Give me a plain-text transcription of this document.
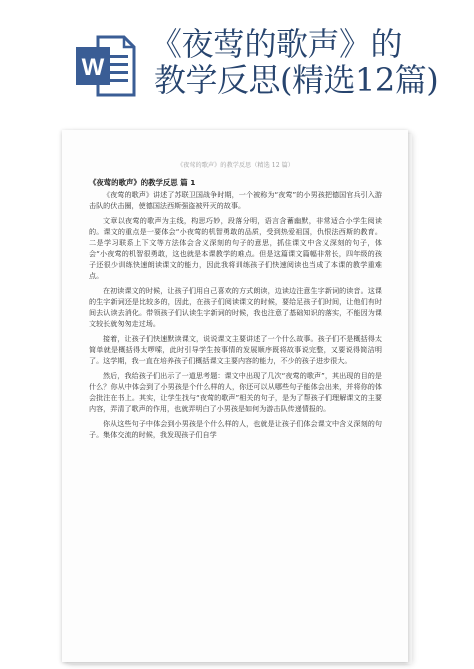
W
《夜莺的歌声》的
教学反思(精选12篇)
《夜莺的歌声》的教学反思（精选 12 篇）
《夜莺的歌声》的教学反思 篇 1

《夜莺的歌声》讲述了苏联卫国战争时期，一个被称为“夜莺”的小男孩把德国官兵引入游击队的伏击圈，使德国法西斯强盗被歼灭的故事。

文章以夜莺的歌声为主线，构思巧妙，段落分明，语言含蓄幽默，非常适合小学生阅读的。课文的重点是一要体会“小夜莺的机智勇敢的品质，受到热爱祖国，仇恨法西斯的教育。二是学习联系上下文等方法体会含义深刻的句子的意思，抓住课文中含义深刻的句子，体会“小夜莺的机智很勇敢，这也就是本课教学的难点。但是这篇课文篇幅非常长，四年级的孩子还很少训练快速朗读课文的能力，因此我将训练孩子们快速阅读也当成了本课的教学重难点。

在初读课文的时候，让孩子们用自己喜欢的方式朗读，边读边注意生字新词的读音。这课的生字新词还是比较多的，因此，在孩子们阅读课文的时候，要给足孩子们时间，让他们有时间去认读去消化。带领孩子们认读生字新词的时候，我也注意了基础知识的落实，不能因为课文较长就匆匆走过场。

接着，让孩子们快速默读课文，说说课文主要讲述了一个什么故事。孩子们不是概括得太简单就是概括得太啰嗦，此时引导学生按事情的发展顺序既将故事说完整，又要说得简洁明了。这学期，我一直在培养孩子们概括课文主要内容的能力，不少的孩子进步很大。

然后，我给孩子们出示了一道思考题：课文中出现了几次“夜莺的歌声”，其出现的目的是什么？你从中体会到了小男孩是个什么样的人，你还可以从哪些句子能体会出来，并将你的体会批注在书上。其实，让学生找与“夜莺的歌声”相关的句子，是为了帮孩子们理解课文的主要内容，弄清了歌声的作用，也就弄明白了小男孩是如何为游击队传递情报的。

你从这些句子中体会到小男孩是个什么样的人，也就是让孩子们体会课文中含义深刻的句子。集体交流的时候，我发现孩子们自学
